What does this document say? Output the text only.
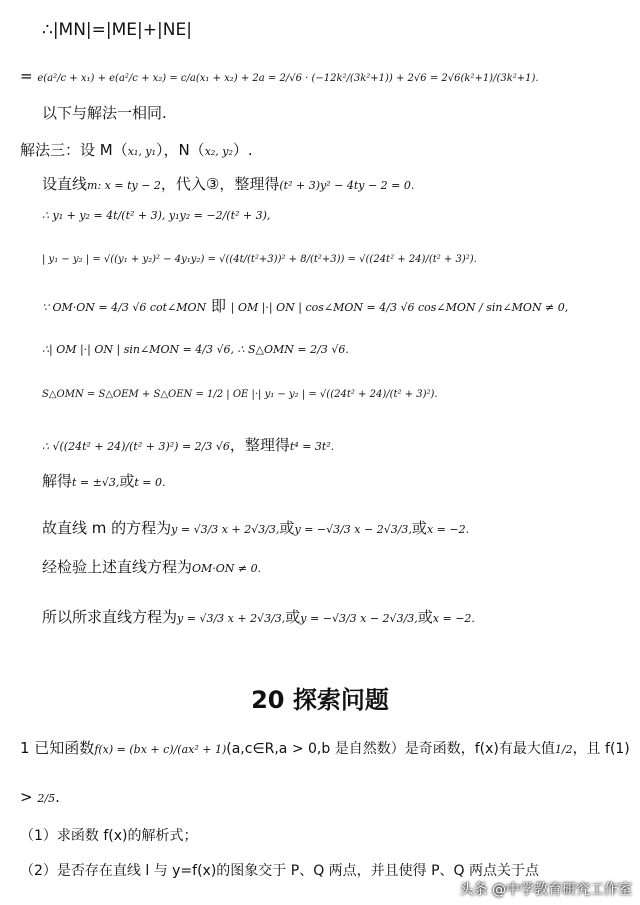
∴|MN|=|ME|+|NE|
= e(a²/c + x₁) + e(a²/c + x₂) = c/a(x₁ + x₂) + 2a = 2/√6 · (−12k²/(3k²+1)) + 2√6 = 2√6(k²+1)/(3k²+1).
以下与解法一相同.
解法三：设 M（x₁, y₁），N（x₂, y₂）.
设直线m: x = ty − 2，代入③，整理得(t² + 3)y² − 4ty − 2 = 0.
∴ y₁ + y₂ = 4t/(t² + 3), y₁y₂ = −2/(t² + 3),
| y₁ − y₂ | = √((y₁ + y₂)² − 4y₁y₂) = √((4t/(t²+3))² + 8/(t²+3)) = √((24t² + 24)/(t² + 3)²).
∵ OM·ON = 4/3 √6 cot∠MON 即 | OM |·| ON | cos∠MON = 4/3 √6 cos∠MON / sin∠MON ≠ 0,
∴| OM |·| ON | sin∠MON = 4/3 √6, ∴ S△OMN = 2/3 √6.
S△OMN = S△OEM + S△OEN = 1/2 | OE |·| y₁ − y₂ | = √((24t² + 24)/(t² + 3)²).
∴ √((24t² + 24)/(t² + 3)²) = 2/3 √6，整理得t⁴ = 3t².
解得t = ±√3,或t = 0.
故直线 m 的方程为y = √3/3 x + 2√3/3,或y = −√3/3 x − 2√3/3,或x = −2.
经检验上述直线方程为OM·ON ≠ 0.
所以所求直线方程为y = √3/3 x + 2√3/3,或y = −√3/3 x − 2√3/3,或x = −2.
20 探索问题
1 已知函数f(x) = (bx + c)/(ax² + 1)(a,c∈R,a > 0,b 是自然数）是奇函数，f(x)有最大值1/2，且 f(1)
> 2/5.
（1）求函数 f(x)的解析式；
（2）是否存在直线 l 与 y=f(x)的图象交于 P、Q 两点，并且使得 P、Q 两点关于点
头条 @中学教育研究工作室
